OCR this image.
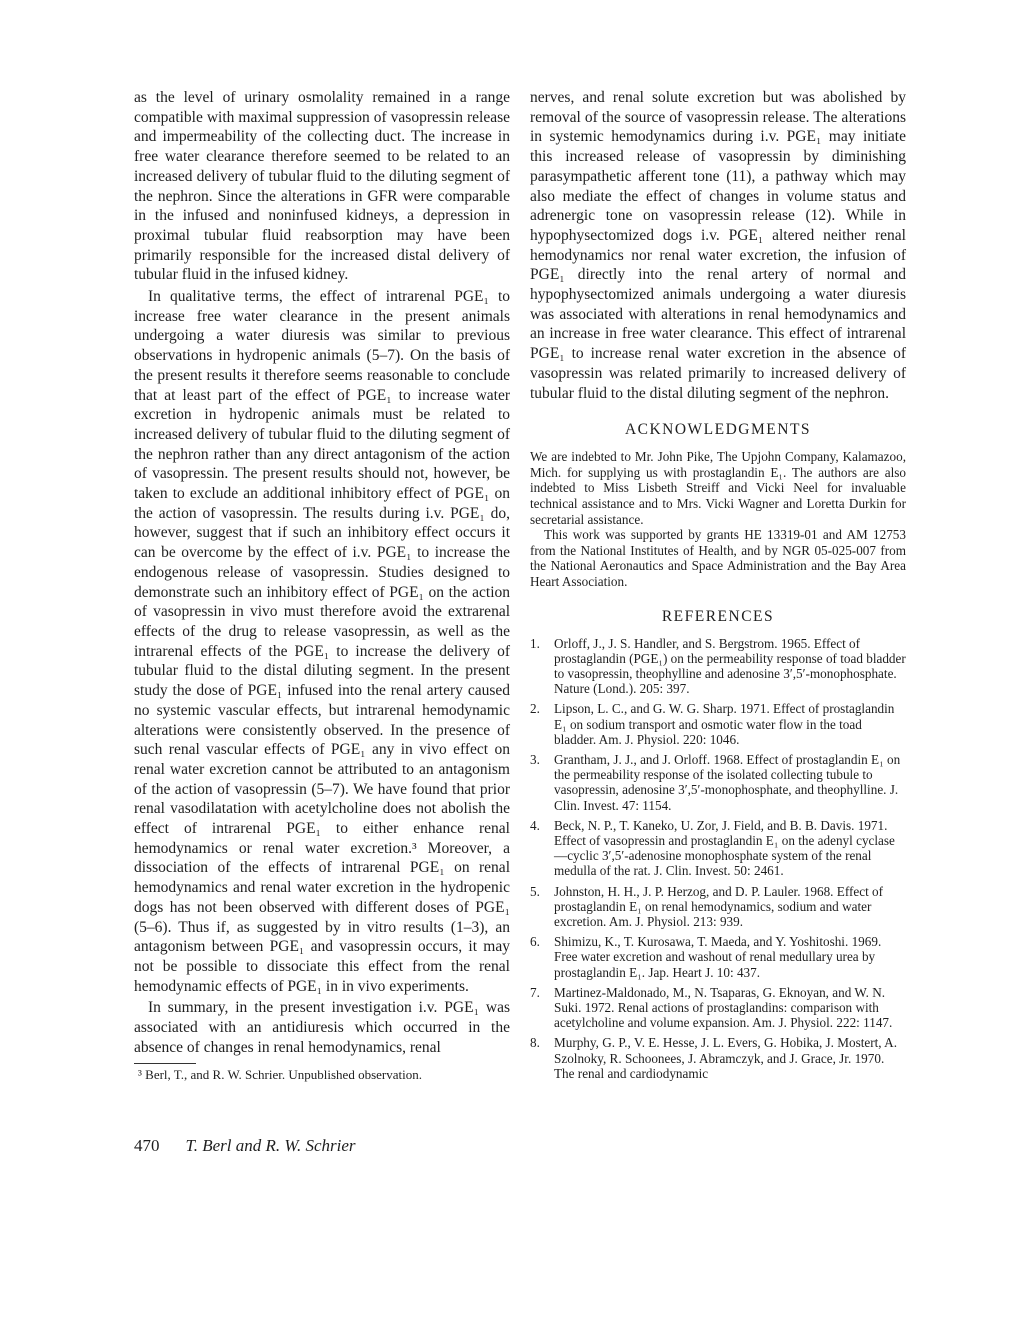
as the level of urinary osmolality remained in a range compatible with maximal suppression of vasopressin release and impermeability of the collecting duct. The increase in free water clearance therefore seemed to be related to an increased delivery of tubular fluid to the diluting segment of the nephron. Since the alterations in GFR were comparable in the infused and noninfused kidneys, a depression in proximal tubular fluid reabsorption may have been primarily responsible for the increased distal delivery of tubular fluid in the infused kidney.

In qualitative terms, the effect of intrarenal PGE₁ to increase free water clearance in the present animals undergoing a water diuresis was similar to previous observations in hydropenic animals (5–7). On the basis of the present results it therefore seems reasonable to conclude that at least part of the effect of PGE₁ to increase water excretion in hydropenic animals must be related to increased delivery of tubular fluid to the diluting segment of the nephron rather than any direct antagonism of the action of vasopressin. The present results should not, however, be taken to exclude an additional inhibitory effect of PGE₁ on the action of vasopressin. The results during i.v. PGE₁ do, however, suggest that if such an inhibitory effect occurs it can be overcome by the effect of i.v. PGE₁ to increase the endogenous release of vasopressin. Studies designed to demonstrate such an inhibitory effect of PGE₁ on the action of vasopressin in vivo must therefore avoid the extrarenal effects of the drug to release vasopressin, as well as the intrarenal effects of the PGE₁ to increase the delivery of tubular fluid to the distal diluting segment. In the present study the dose of PGE₁ infused into the renal artery caused no systemic vascular effects, but intrarenal hemodynamic alterations were consistently observed. In the presence of such renal vascular effects of PGE₁ any in vivo effect on renal water excretion cannot be attributed to an antagonism of the action of vasopressin (5–7). We have found that prior renal vasodilatation with acetylcholine does not abolish the effect of intrarenal PGE₁ to either enhance renal hemodynamics or renal water excretion.³ Moreover, a dissociation of the effects of intrarenal PGE₁ on renal hemodynamics and renal water excretion in the hydropenic dogs has not been observed with different doses of PGE₁ (5–6). Thus if, as suggested by in vitro results (1–3), an antagonism between PGE₁ and vasopressin occurs, it may not be possible to dissociate this effect from the renal hemodynamic effects of PGE₁ in in vivo experiments.

In summary, in the present investigation i.v. PGE₁ was associated with an antidiuresis which occurred in the absence of changes in renal hemodynamics, renal

³ Berl, T., and R. W. Schrier. Unpublished observation.

nerves, and renal solute excretion but was abolished by removal of the source of vasopressin release. The alterations in systemic hemodynamics during i.v. PGE₁ may initiate this increased release of vasopressin by diminishing parasympathetic afferent tone (11), a pathway which may also mediate the effect of changes in volume status and adrenergic tone on vasopressin release (12). While in hypophysectomized dogs i.v. PGE₁ altered neither renal hemodynamics nor renal water excretion, the infusion of PGE₁ directly into the renal artery of normal and hypophysectomized animals undergoing a water diuresis was associated with alterations in renal hemodynamics and an increase in free water clearance. This effect of intrarenal PGE₁ to increase renal water excretion in the absence of vasopressin was related primarily to increased delivery of tubular fluid to the distal diluting segment of the nephron.

ACKNOWLEDGMENTS

We are indebted to Mr. John Pike, The Upjohn Company, Kalamazoo, Mich. for supplying us with prostaglandin E₁. The authors are also indebted to Miss Lisbeth Streiff and Vicki Neel for invaluable technical assistance and to Mrs. Vicki Wagner and Loretta Durkin for secretarial assistance.

This work was supported by grants HE 13319-01 and AM 12753 from the National Institutes of Health, and by NGR 05-025-007 from the National Aeronautics and Space Administration and the Bay Area Heart Association.

REFERENCES
1. Orloff, J., J. S. Handler, and S. Bergstrom. 1965. Effect of prostaglandin (PGE₁) on the permeability response of toad bladder to vasopressin, theophylline and adenosine 3′,5′-monophosphate. Nature (Lond.). 205: 397.
2. Lipson, L. C., and G. W. G. Sharp. 1971. Effect of prostaglandin E₁ on sodium transport and osmotic water flow in the toad bladder. Am. J. Physiol. 220: 1046.
3. Grantham, J. J., and J. Orloff. 1968. Effect of prostaglandin E₁ on the permeability response of the isolated collecting tubule to vasopressin, adenosine 3′,5′-monophosphate, and theophylline. J. Clin. Invest. 47: 1154.
4. Beck, N. P., T. Kaneko, U. Zor, J. Field, and B. B. Davis. 1971. Effect of vasopressin and prostaglandin E₁ on the adenyl cyclase—cyclic 3′,5′-adenosine monophosphate system of the renal medulla of the rat. J. Clin. Invest. 50: 2461.
5. Johnston, H. H., J. P. Herzog, and D. P. Lauler. 1968. Effect of prostaglandin E₁ on renal hemodynamics, sodium and water excretion. Am. J. Physiol. 213: 939.
6. Shimizu, K., T. Kurosawa, T. Maeda, and Y. Yoshitoshi. 1969. Free water excretion and washout of renal medullary urea by prostaglandin E₁. Jap. Heart J. 10: 437.
7. Martinez-Maldonado, M., N. Tsaparas, G. Eknoyan, and W. N. Suki. 1972. Renal actions of prostaglandins: comparison with acetylcholine and volume expansion. Am. J. Physiol. 222: 1147.
8. Murphy, G. P., V. E. Hesse, J. L. Evers, G. Hobika, J. Mostert, A. Szolnoky, R. Schoonees, J. Abramczyk, and J. Grace, Jr. 1970. The renal and cardiodynamic
470 T. Berl and R. W. Schrier
